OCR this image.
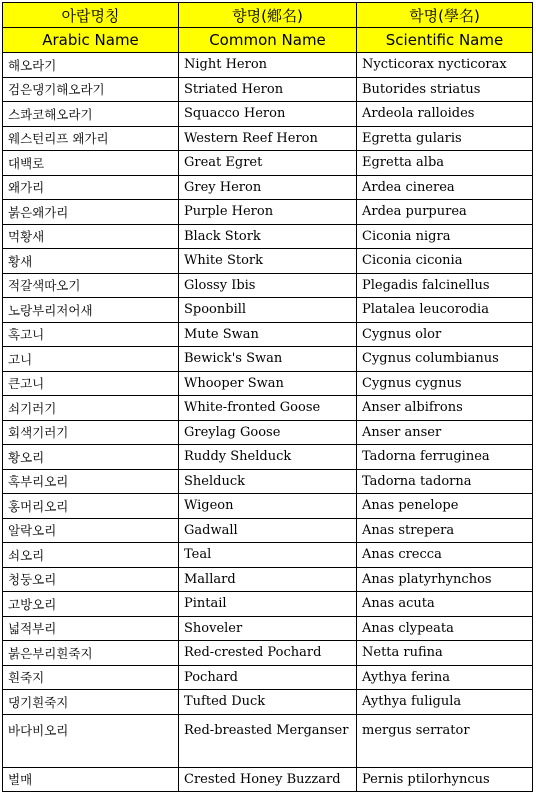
아랍명칭	향명(鄕名)	학명(學名)
Arabic Name	Common Name	Scientific Name
해오라기	Night Heron	Nycticorax nycticorax
검은댕기해오라기	Striated Heron	Butorides striatus
스콰코해오라기	Squacco Heron	Ardeola ralloides
웨스턴리프 왜가리	Western Reef Heron	Egretta gularis
대백로	Great Egret	Egretta alba
왜가리	Grey Heron	Ardea cinerea
붉은왜가리	Purple Heron	Ardea purpurea
먹황새	Black Stork	Ciconia nigra
황새	White Stork	Ciconia ciconia
적갈색따오기	Glossy Ibis	Plegadis falcinellus
노랑부리저어새	Spoonbill	Platalea leucorodia
혹고니	Mute Swan	Cygnus olor
고니	Bewick's Swan	Cygnus columbianus
큰고니	Whooper Swan	Cygnus cygnus
쇠기러기	White-fronted Goose	Anser albifrons
회색기러기	Greylag Goose	Anser anser
황오리	Ruddy Shelduck	Tadorna ferruginea
혹부리오리	Shelduck	Tadorna tadorna
홍머리오리	Wigeon	Anas penelope
알락오리	Gadwall	Anas strepera
쇠오리	Teal	Anas crecca
청둥오리	Mallard	Anas platyrhynchos
고방오리	Pintail	Anas acuta
넓적부리	Shoveler	Anas clypeata
붉은부리흰죽지	Red-crested Pochard	Netta rufina
흰죽지	Pochard	Aythya ferina
댕기흰죽지	Tufted Duck	Aythya fuligula
바다비오리	Red-breasted Merganser	mergus serrator
벌매	Crested Honey Buzzard	Pernis ptilorhyncus
